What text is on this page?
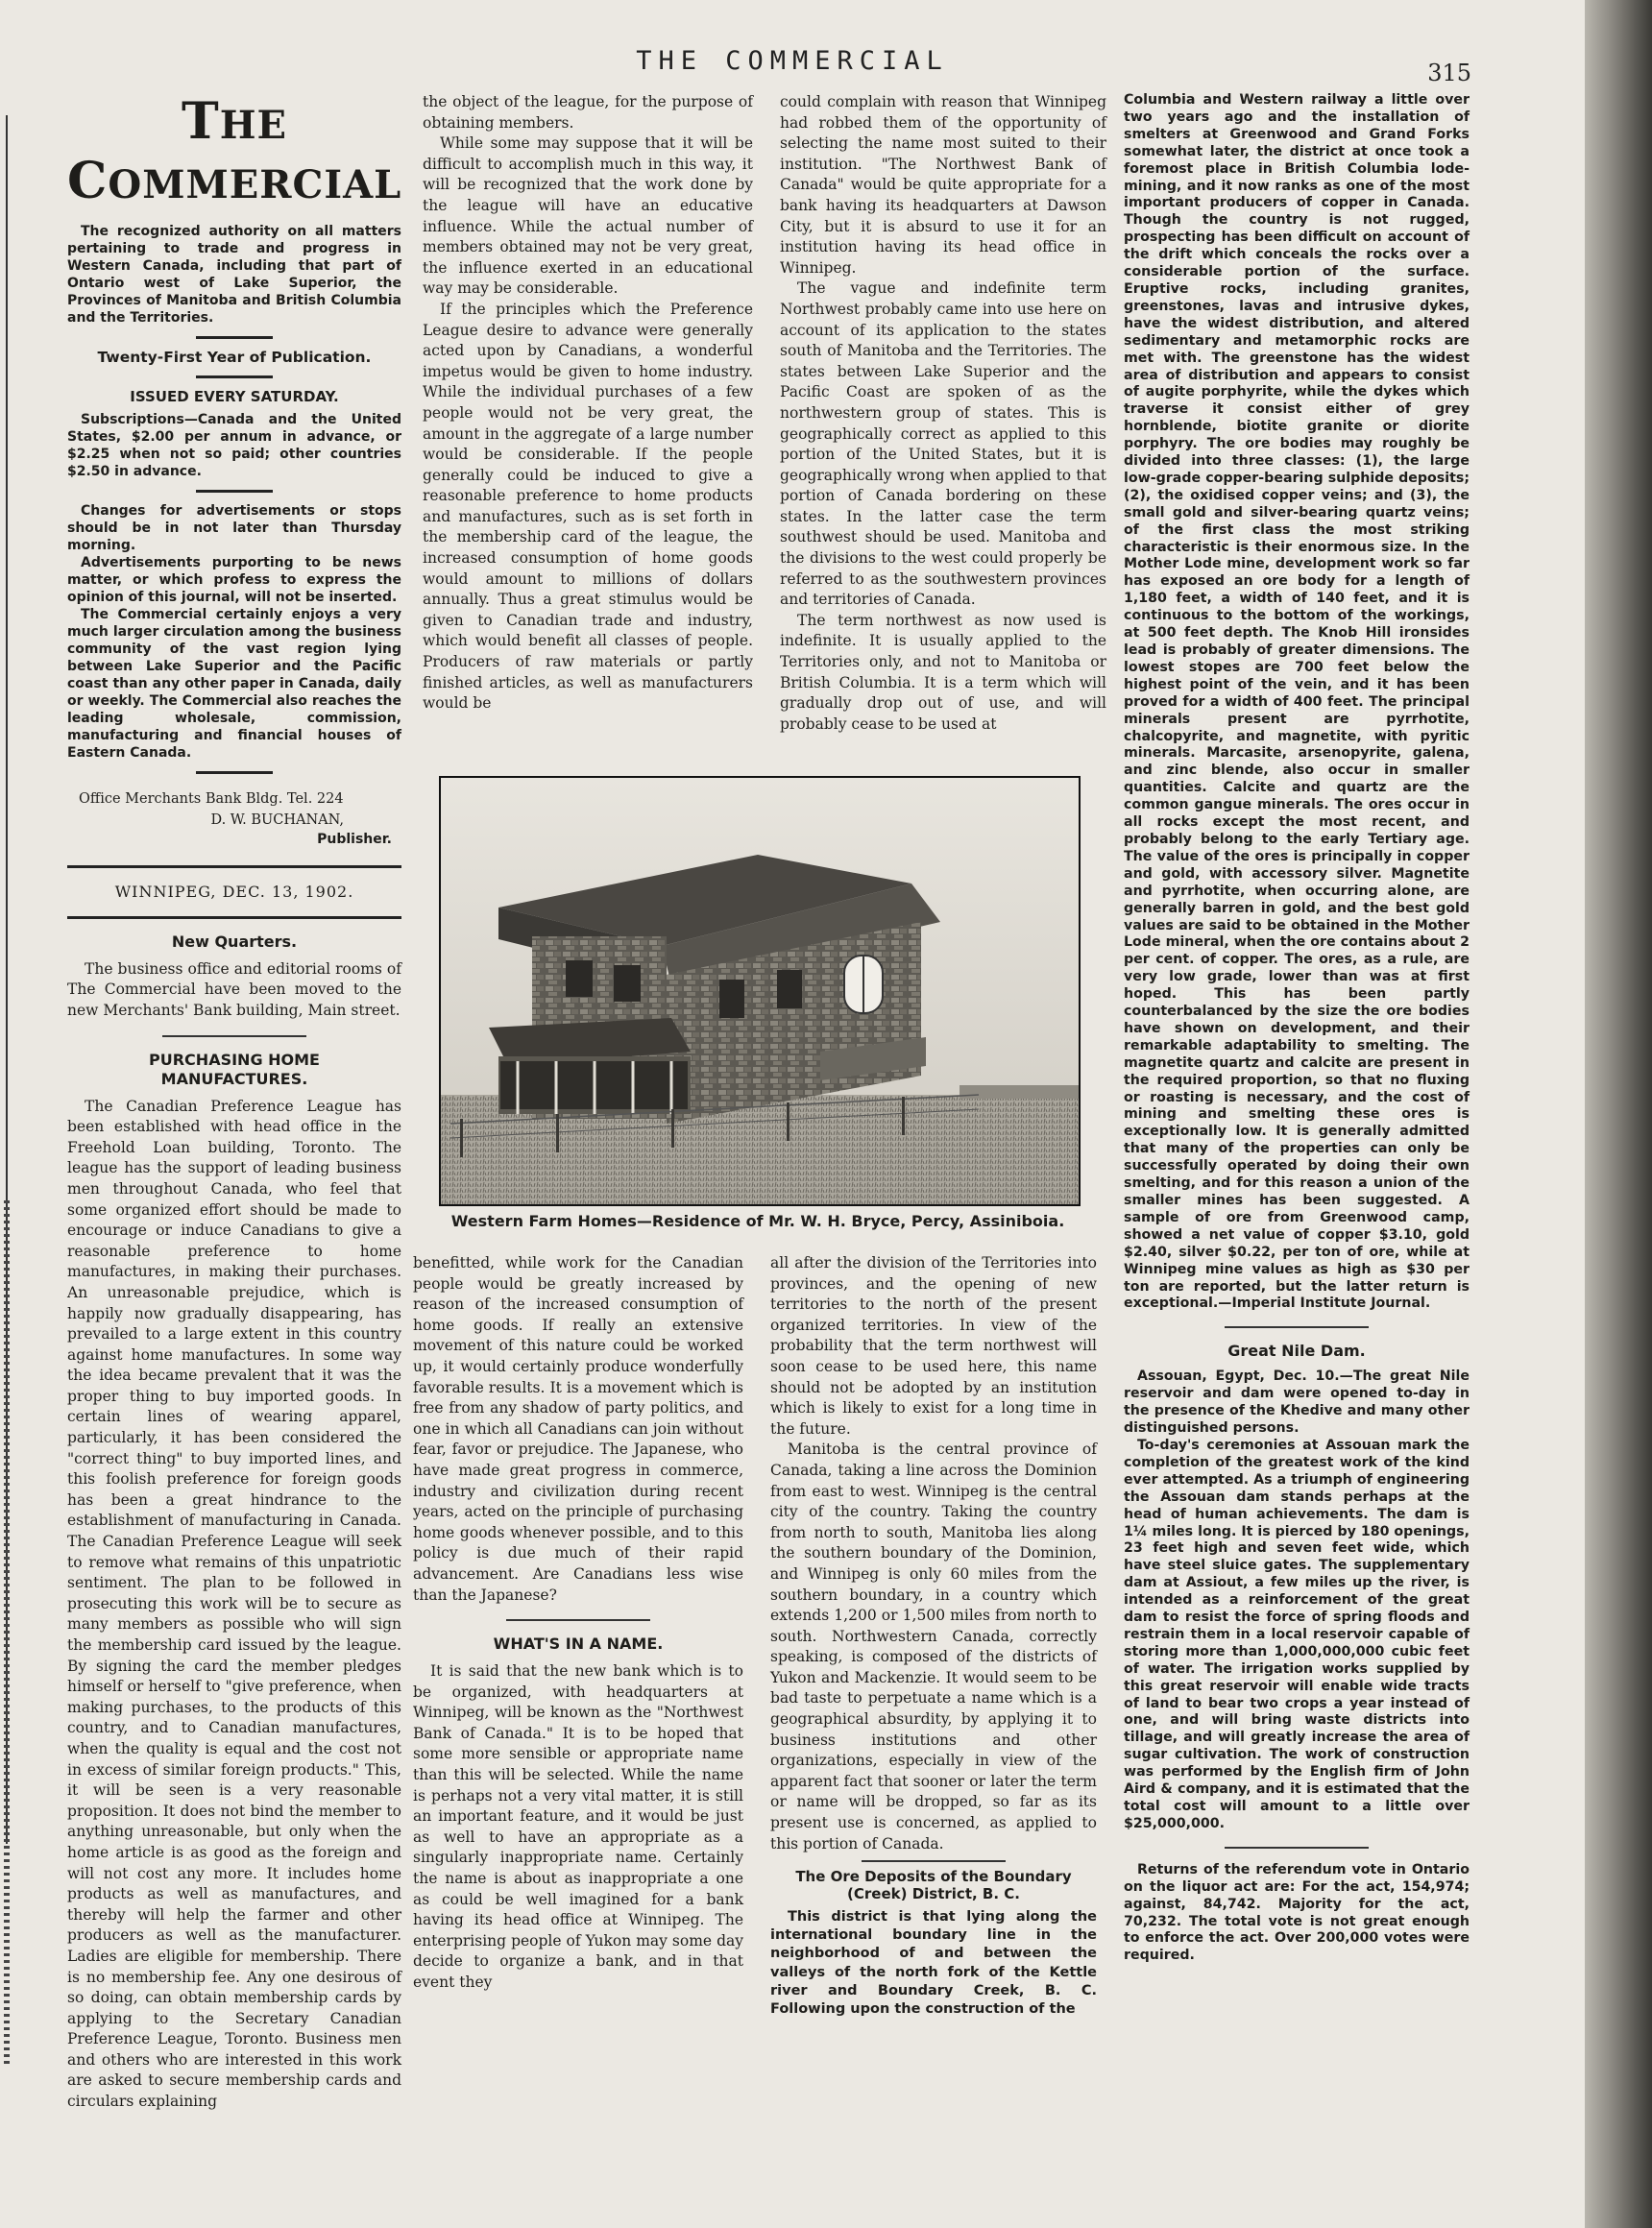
THE COMMERCIAL	315
THE COMMERCIAL

The recognized authority on all matters pertaining to trade and progress in Western Canada, including that part of Ontario west of Lake Superior, the Provinces of Manitoba and British Columbia and the Territories.

Twenty-First Year of Publication.
ISSUED EVERY SATURDAY.

Subscriptions—Canada and the United States, $2.00 per annum in advance, or $2.25 when not so paid; other countries $2.50 in advance.

Changes for advertisements or stops should be in not later than Thursday morning.

Advertisements purporting to be news matter, or which profess to express the opinion of this journal, will not be inserted.

The Commercial certainly enjoys a very much larger circulation among the business community of the vast region lying between Lake Superior and the Pacific coast than any other paper in Canada, daily or weekly. The Commercial also reaches the leading wholesale, commission, manufacturing and financial houses of Eastern Canada.

Office Merchants Bank Bldg. Tel. 224

D. W. BUCHANAN,
Publisher.
WINNIPEG, DEC. 13, 1902.
New Quarters.

The business office and editorial rooms of The Commercial have been moved to the new Merchants' Bank building, Main street.

PURCHASING HOME MANUFACTURES.

The Canadian Preference League has been established with head office in the Freehold Loan building, Toronto. The league has the support of leading business men throughout Canada, who feel that some organized effort should be made to encourage or induce Canadians to give a reasonable preference to home manufactures, in making their purchases. An unreasonable prejudice, which is happily now gradually disappearing, has prevailed to a large extent in this country against home manufactures. In some way the idea became prevalent that it was the proper thing to buy imported goods. In certain lines of wearing apparel, particularly, it has been considered the "correct thing" to buy imported lines, and this foolish preference for foreign goods has been a great hindrance to the establishment of manufacturing in Canada. The Canadian Preference League will seek to remove what remains of this unpatriotic sentiment. The plan to be followed in prosecuting this work will be to secure as many members as possible who will sign the membership card issued by the league. By signing the card the member pledges himself or herself to "give preference, when making purchases, to the products of this country, and to Canadian manufactures, when the quality is equal and the cost not in excess of similar foreign products." This, it will be seen is a very reasonable proposition. It does not bind the member to anything unreasonable, but only when the home article is as good as the foreign and will not cost any more. It includes home products as well as manufactures, and thereby will help the farmer and other producers as well as the manufacturer. Ladies are eligible for membership. There is no membership fee. Any one desirous of so doing, can obtain membership cards by applying to the Secretary Canadian Preference League, Toronto. Business men and others who are interested in this work are asked to secure membership cards and circulars explaining

the object of the league, for the purpose of obtaining members.

While some may suppose that it will be difficult to accomplish much in this way, it will be recognized that the work done by the league will have an educative influence. While the actual number of members obtained may not be very great, the influence exerted in an educational way may be considerable.

If the principles which the Preference League desire to advance were generally acted upon by Canadians, a wonderful impetus would be given to home industry. While the individual purchases of a few people would not be very great, the amount in the aggregate of a large number would be considerable. If the people generally could be induced to give a reasonable preference to home products and manufactures, such as is set forth in the membership card of the league, the increased consumption of home goods would amount to millions of dollars annually. Thus a great stimulus would be given to Canadian trade and industry, which would benefit all classes of people. Producers of raw materials or partly finished articles, as well as manufacturers would be

could complain with reason that Winnipeg had robbed them of the opportunity of selecting the name most suited to their institution. "The Northwest Bank of Canada" would be quite appropriate for a bank having its headquarters at Dawson City, but it is absurd to use it for an institution having its head office in Winnipeg.

The vague and indefinite term Northwest probably came into use here on account of its application to the states south of Manitoba and the Territories. The states between Lake Superior and the Pacific Coast are spoken of as the northwestern group of states. This is geographically correct as applied to this portion of the United States, but it is geographically wrong when applied to that portion of Canada bordering on these states. In the latter case the term southwest should be used. Manitoba and the divisions to the west could properly be referred to as the southwestern provinces and territories of Canada.

The term northwest as now used is indefinite. It is usually applied to the Territories only, and not to Manitoba or British Columbia. It is a term which will gradually drop out of use, and will probably cease to be used at

Western Farm Homes—Residence of Mr. W. H. Bryce, Percy, Assiniboia.

benefitted, while work for the Canadian people would be greatly increased by reason of the increased consumption of home goods. If really an extensive movement of this nature could be worked up, it would certainly produce wonderfully favorable results. It is a movement which is free from any shadow of party politics, and one in which all Canadians can join without fear, favor or prejudice. The Japanese, who have made great progress in commerce, industry and civilization during recent years, acted on the principle of purchasing home goods whenever possible, and to this policy is due much of their rapid advancement. Are Canadians less wise than the Japanese?

WHAT'S IN A NAME.

It is said that the new bank which is to be organized, with headquarters at Winnipeg, will be known as the "Northwest Bank of Canada." It is to be hoped that some more sensible or appropriate name than this will be selected. While the name is perhaps not a very vital matter, it is still an important feature, and it would be just as well to have an appropriate as a singularly inappropriate name. Certainly the name is about as inappropriate a one as could be well imagined for a bank having its head office at Winnipeg. The enterprising people of Yukon may some day decide to organize a bank, and in that event they

all after the division of the Territories into provinces, and the opening of new territories to the north of the present organized territories. In view of the probability that the term northwest will soon cease to be used here, this name should not be adopted by an institution which is likely to exist for a long time in the future.

Manitoba is the central province of Canada, taking a line across the Dominion from east to west. Winnipeg is the central city of the country. Taking the country from north to south, Manitoba lies along the southern boundary of the Dominion, and Winnipeg is only 60 miles from the southern boundary, in a country which extends 1,200 or 1,500 miles from north to south. Northwestern Canada, correctly speaking, is composed of the districts of Yukon and Mackenzie. It would seem to be bad taste to perpetuate a name which is a geographical absurdity, by applying it to business institutions and other organizations, especially in view of the apparent fact that sooner or later the term or name will be dropped, so far as its present use is concerned, as applied to this portion of Canada.

The Ore Deposits of the Boundary (Creek) District, B. C.

This district is that lying along the international boundary line in the neighborhood of and between the valleys of the north fork of the Kettle river and Boundary Creek, B. C. Following upon the construction of the

Columbia and Western railway a little over two years ago and the installation of smelters at Greenwood and Grand Forks somewhat later, the district at once took a foremost place in British Columbia lode-mining, and it now ranks as one of the most important producers of copper in Canada. Though the country is not rugged, prospecting has been difficult on account of the drift which conceals the rocks over a considerable portion of the surface. Eruptive rocks, including granites, greenstones, lavas and intrusive dykes, have the widest distribution, and altered sedimentary and metamorphic rocks are met with. The greenstone has the widest area of distribution and appears to consist of augite porphyrite, while the dykes which traverse it consist either of grey hornblende, biotite granite or diorite porphyry. The ore bodies may roughly be divided into three classes: (1), the large low-grade copper-bearing sulphide deposits; (2), the oxidised copper veins; and (3), the small gold and silver-bearing quartz veins; of the first class the most striking characteristic is their enormous size. In the Mother Lode mine, development work so far has exposed an ore body for a length of 1,180 feet, a width of 140 feet, and it is continuous to the bottom of the workings, at 500 feet depth. The Knob Hill ironsides lead is probably of greater dimensions. The lowest stopes are 700 feet below the highest point of the vein, and it has been proved for a width of 400 feet. The principal minerals present are pyrrhotite, chalcopyrite, and magnetite, with pyritic minerals. Marcasite, arsenopyrite, galena, and zinc blende, also occur in smaller quantities. Calcite and quartz are the common gangue minerals. The ores occur in all rocks except the most recent, and probably belong to the early Tertiary age. The value of the ores is principally in copper and gold, with accessory silver. Magnetite and pyrrhotite, when occurring alone, are generally barren in gold, and the best gold values are said to be obtained in the Mother Lode mineral, when the ore contains about 2 per cent. of copper. The ores, as a rule, are very low grade, lower than was at first hoped. This has been partly counterbalanced by the size the ore bodies have shown on development, and their remarkable adaptability to smelting. The magnetite quartz and calcite are present in the required proportion, so that no fluxing or roasting is necessary, and the cost of mining and smelting these ores is exceptionally low. It is generally admitted that many of the properties can only be successfully operated by doing their own smelting, and for this reason a union of the smaller mines has been suggested. A sample of ore from Greenwood camp, showed a net value of copper $3.10, gold $2.40, silver $0.22, per ton of ore, while at Winnipeg mine values as high as $30 per ton are reported, but the latter return is exceptional.—Imperial Institute Journal.

Great Nile Dam.

Assouan, Egypt, Dec. 10.—The great Nile reservoir and dam were opened to-day in the presence of the Khedive and many other distinguished persons.

To-day's ceremonies at Assouan mark the completion of the greatest work of the kind ever attempted. As a triumph of engineering the Assouan dam stands perhaps at the head of human achievements. The dam is 1¼ miles long. It is pierced by 180 openings, 23 feet high and seven feet wide, which have steel sluice gates. The supplementary dam at Assiout, a few miles up the river, is intended as a reinforcement of the great dam to resist the force of spring floods and restrain them in a local reservoir capable of storing more than 1,000,000,000 cubic feet of water. The irrigation works supplied by this great reservoir will enable wide tracts of land to bear two crops a year instead of one, and will bring waste districts into tillage, and will greatly increase the area of sugar cultivation. The work of construction was performed by the English firm of John Aird & company, and it is estimated that the total cost will amount to a little over $25,000,000.

Returns of the referendum vote in Ontario on the liquor act are: For the act, 154,974; against, 84,742. Majority for the act, 70,232. The total vote is not great enough to enforce the act. Over 200,000 votes were required.
